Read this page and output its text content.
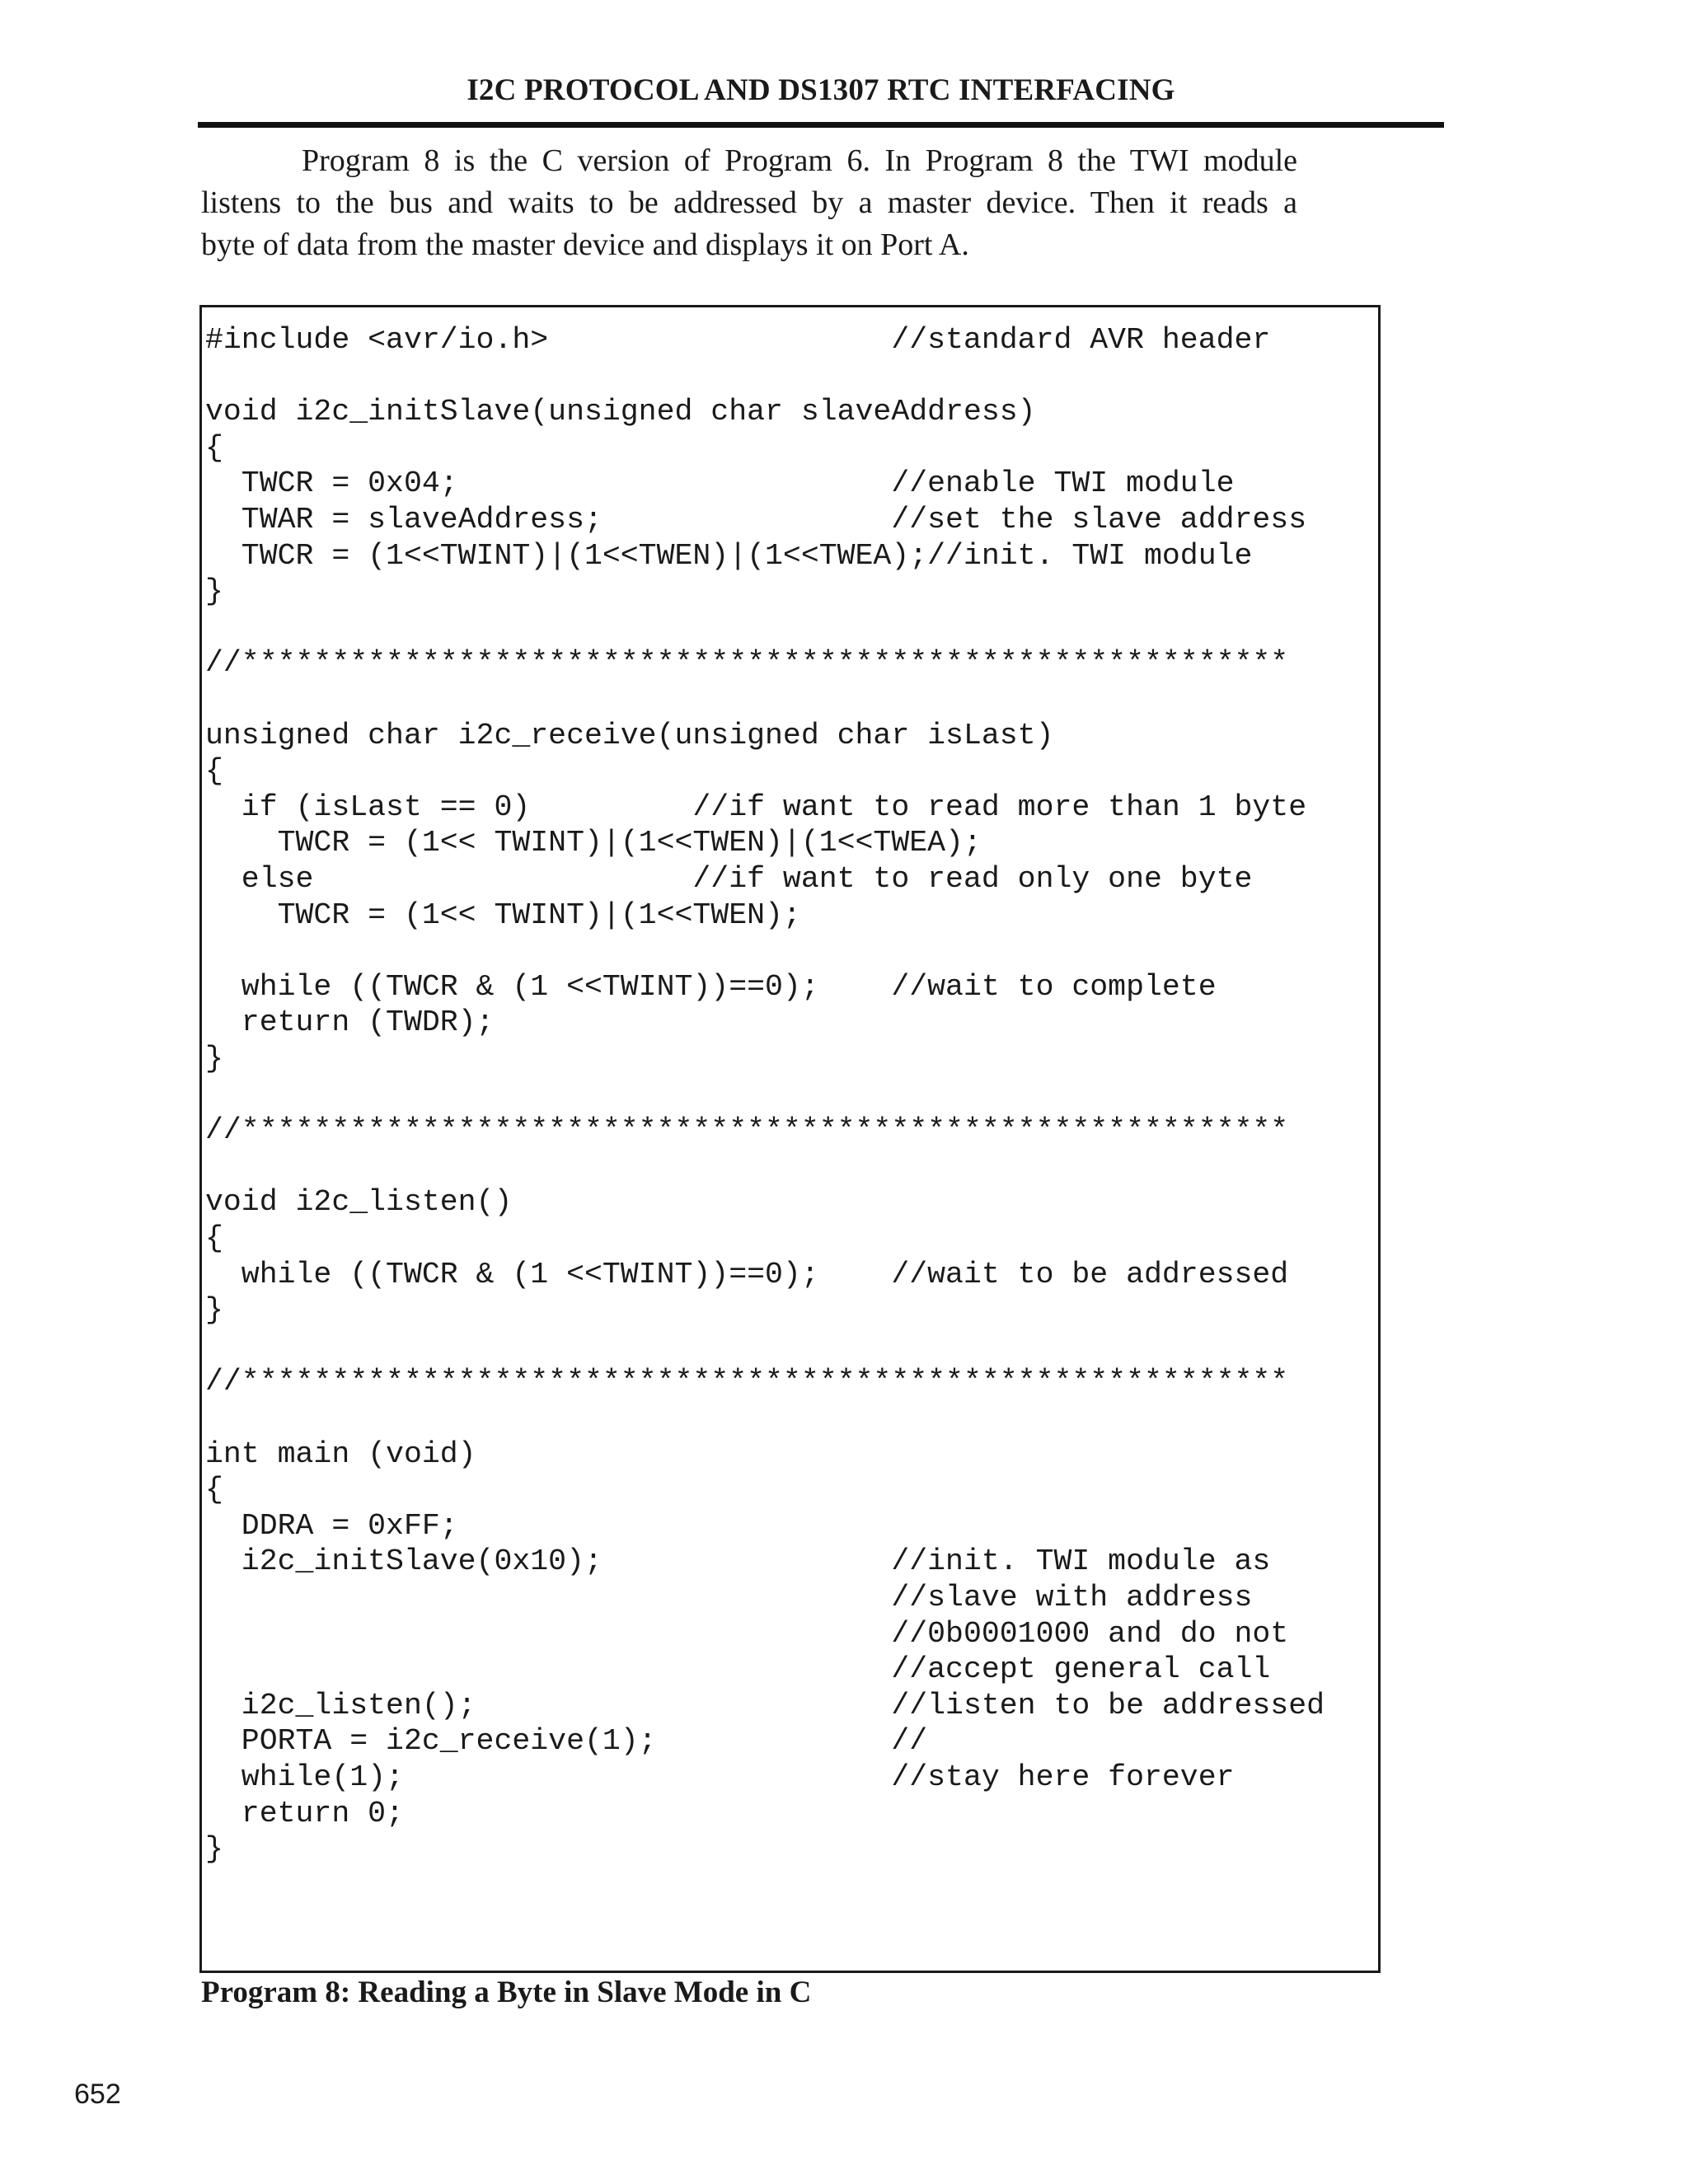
I2C PROTOCOL AND DS1307 RTC INTERFACING
Program 8 is the C version of Program 6. In Program 8 the TWI module
listens to the bus and waits to be addressed by a master device. Then it reads a
byte of data from the master device and displays it on Port A.
#include <avr/io.h>                   //standard AVR header
void i2c_initSlave(unsigned char slaveAddress)
{
TWCR = 0x04;                        //enable TWI module
TWAR = slaveAddress;                //set the slave address
TWCR = (1<<TWINT)|(1<<TWEN)|(1<<TWEA);//init. TWI module
}
//**********************************************************
unsigned char i2c_receive(unsigned char isLast)
{
if (isLast == 0)         //if want to read more than 1 byte
TWCR = (1<< TWINT)|(1<<TWEN)|(1<<TWEA);
else                     //if want to read only one byte
TWCR = (1<< TWINT)|(1<<TWEN);
while ((TWCR & (1 <<TWINT))==0);    //wait to complete
return (TWDR);
}
//**********************************************************
void i2c_listen()
{
while ((TWCR & (1 <<TWINT))==0);    //wait to be addressed
}
//**********************************************************
int main (void)
{
DDRA = 0xFF;
i2c_initSlave(0x10);                //init. TWI module as
//slave with address
//0b0001000 and do not
//accept general call
i2c_listen();                       //listen to be addressed
PORTA = i2c_receive(1);             //
while(1);                           //stay here forever
return 0;
}
Program 8: Reading a Byte in Slave Mode in C
652
